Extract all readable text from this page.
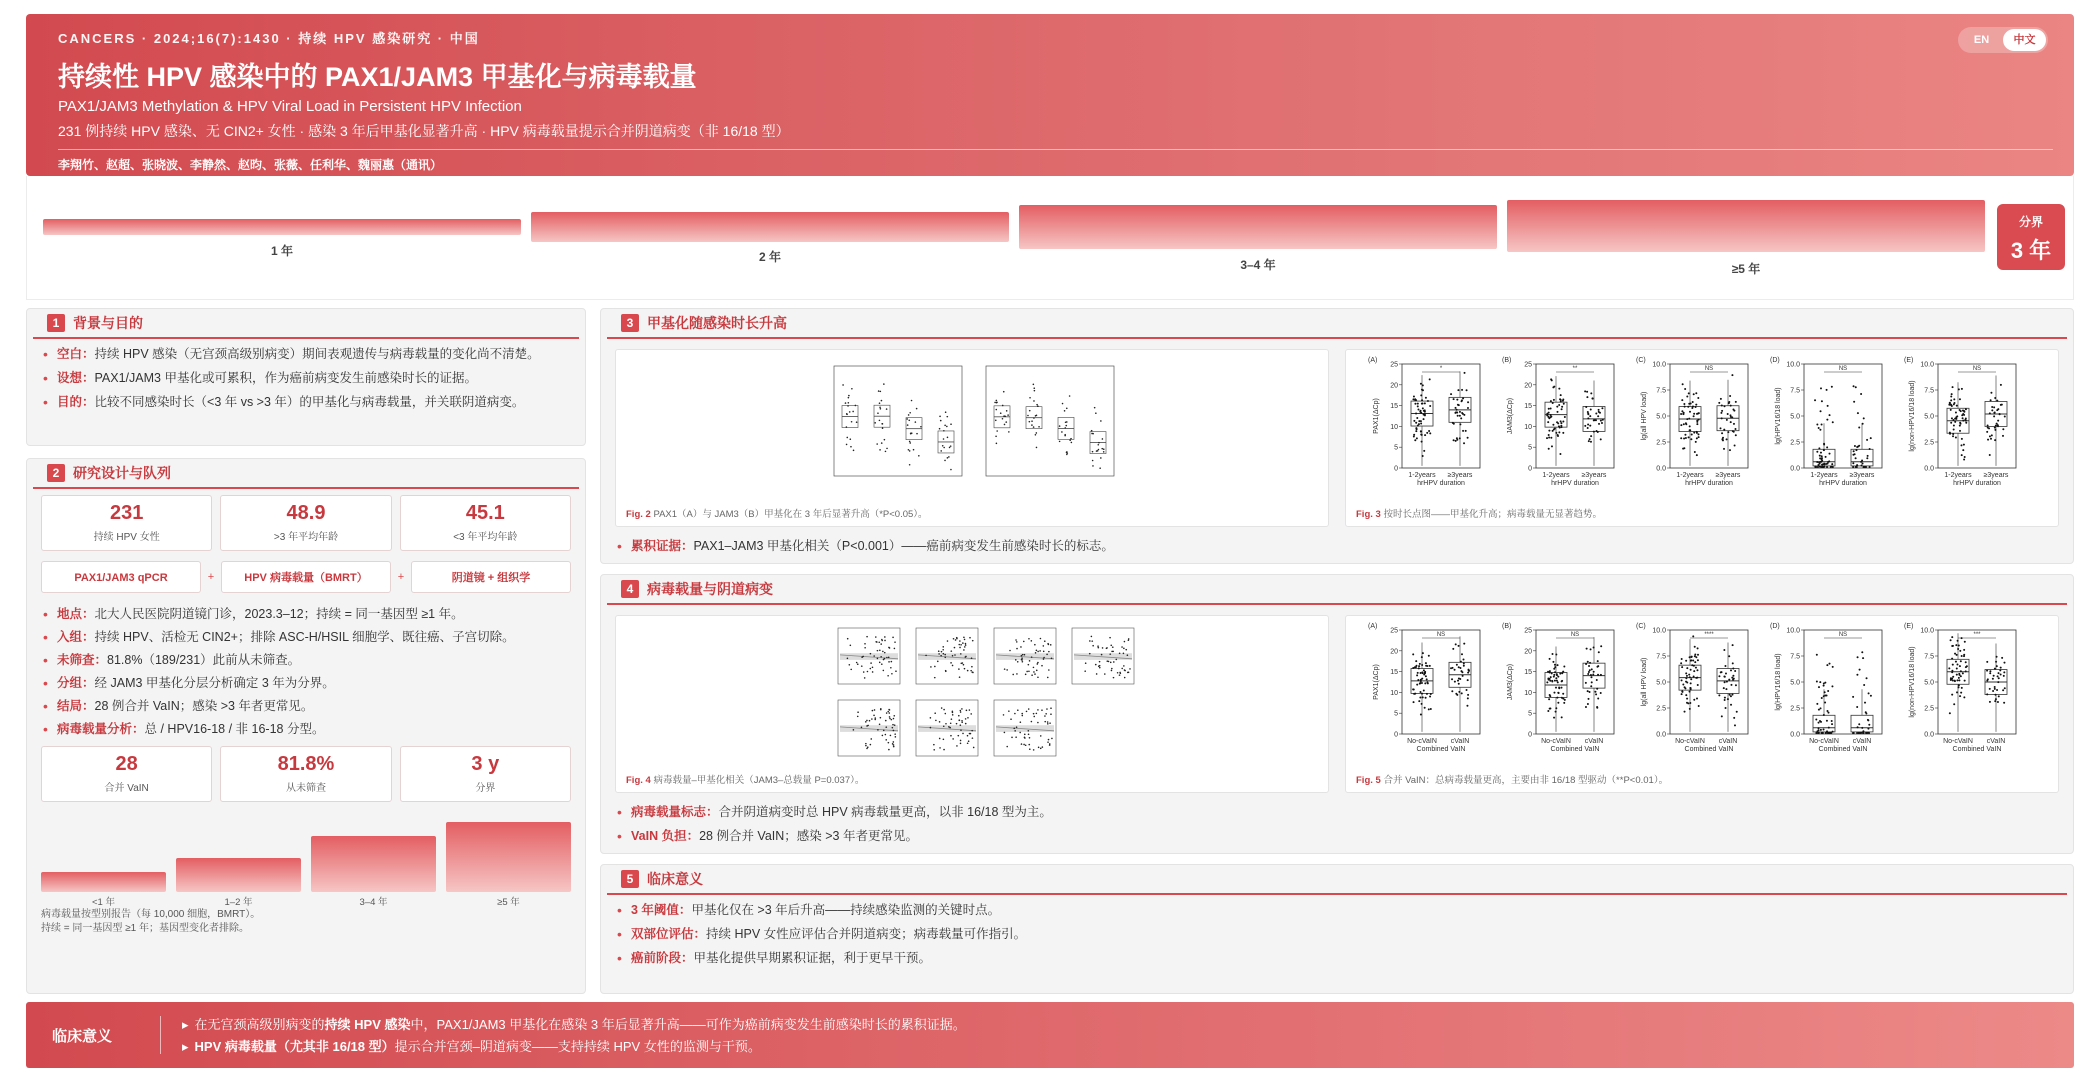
CANCERS · 2024;16(7):1430 · 持续 HPV 感染研究 · 中国
持续性 HPV 感染中的 PAX1/JAM3 甲基化与病毒载量
PAX1/JAM3 Methylation & HPV Viral Load in Persistent HPV Infection
231 例持续 HPV 感染、无 CIN2+ 女性 · 感染 3 年后甲基化显著升高 · HPV 病毒载量提示合并阴道病变（非 16/18 型）
李翔竹、赵超、张晓波、李静然、赵昀、张薇、任利华、魏丽惠（通讯）
EN	中文
1 年	2 年
3–4 年	≥5 年
分界
3 年
1 背景与目的
• 空白：持续 HPV 感染（无宫颈高级别病变）期间表观遗传与病毒载量的变化尚不清楚。
• 设想：PAX1/JAM3 甲基化或可累积，作为癌前病变发生前感染时长的证据。
• 目的：比较不同感染时长（<3 年 vs >3 年）的甲基化与病毒载量，并关联阴道病变。
2 研究设计与队列
231
持续 HPV 女性
48.9
>3 年平均年龄
45.1
<3 年平均年龄
PAX1/JAM3 qPCR	+	HPV 病毒载量（BMRT）	+	阴道镜 + 组织学
• 地点：北大人民医院阴道镜门诊，2023.3–12；持续 = 同一基因型 ≥1 年。
• 入组：持续 HPV、活检无 CIN2+；排除 ASC-H/HSIL 细胞学、既往癌、子宫切除。
• 未筛查：81.8%（189/231）此前从未筛查。
• 分组：经 JAM3 甲基化分层分析确定 3 年为分界。
• 结局：28 例合并 VaIN；感染 >3 年者更常见。
• 病毒载量分析：总 / HPV16-18 / 非 16-18 分型。
28
合并 VaIN
81.8%
从未筛查
3 y
分界
<1 年	1–2 年	3–4 年	≥5 年
病毒载量按型别报告（每 10,000 细胞，BMRT）。
持续 = 同一基因型 ≥1 年；基因型变化者排除。
3 甲基化随感染时长升高
Fig. 2 PAX1（A）与 JAM3（B）甲基化在 3 年后显著升高（*P<0.05）。
(A)
0
5
10
15
20
25
PAX1(ΔCp)
*
1-2years ≥3years
hrHPV duration
(B)
0
5
10
15
20
25
JAM3(ΔCp)
**
1-2years ≥3years
hrHPV duration
(C)
0.0
2.5
5.0
7.5
10.0
lg(all HPV load)
NS
1-2years ≥3years
hrHPV duration
(D)
0.0
2.5
5.0
7.5
10.0
lg(HPV16/18 load)
NS
1-2years ≥3years
hrHPV duration
(E)
0.0
2.5
5.0
7.5
10.0
lg(non-HPV16/18 load)
NS
1-2years ≥3years
hrHPV duration
Fig. 3 按时长点图——甲基化升高；病毒载量无显著趋势。
• 累积证据：PAX1–JAM3 甲基化相关（P<0.001）——癌前病变发生前感染时长的标志。
4 病毒载量与阴道病变
Fig. 4 病毒载量–甲基化相关（JAM3–总载量 P=0.037）。
(A)
0
5
10
15
20
25
PAX1(ΔCp)
NS
No-cVaIN cVaIN
Combined VaIN
(B)
0
5
10
15
20
25
JAM3(ΔCp)
NS
No-cVaIN cVaIN
Combined VaIN
(C)
0.0
2.5
5.0
7.5
10.0
lg(all HPV load)
****
No-cVaIN cVaIN
Combined VaIN
(D)
0.0
2.5
5.0
7.5
10.0
lg(HPV16/18 load)
NS
No-cVaIN cVaIN
Combined VaIN
(E)
0.0
2.5
5.0
7.5
10.0
lg(non-HPV16/18 load)
***
No-cVaIN cVaIN
Combined VaIN
Fig. 5 合并 VaIN：总病毒载量更高，主要由非 16/18 型驱动（**P<0.01）。
• 病毒载量标志：合并阴道病变时总 HPV 病毒载量更高，以非 16/18 型为主。
• VaIN 负担：28 例合并 VaIN；感染 >3 年者更常见。
5 临床意义
• 3 年阈值：甲基化仅在 >3 年后升高——持续感染监测的关键时点。
• 双部位评估：持续 HPV 女性应评估合并阴道病变；病毒载量可作指引。
• 癌前阶段：甲基化提供早期累积证据，利于更早干预。
临床意义
▸ 在无宫颈高级别病变的持续 HPV 感染中，PAX1/JAM3 甲基化在感染 3 年后显著升高——可作为癌前病变发生前感染时长的累积证据。
▸ HPV 病毒载量（尤其非 16/18 型）提示合并宫颈–阴道病变——支持持续 HPV 女性的监测与干预。
